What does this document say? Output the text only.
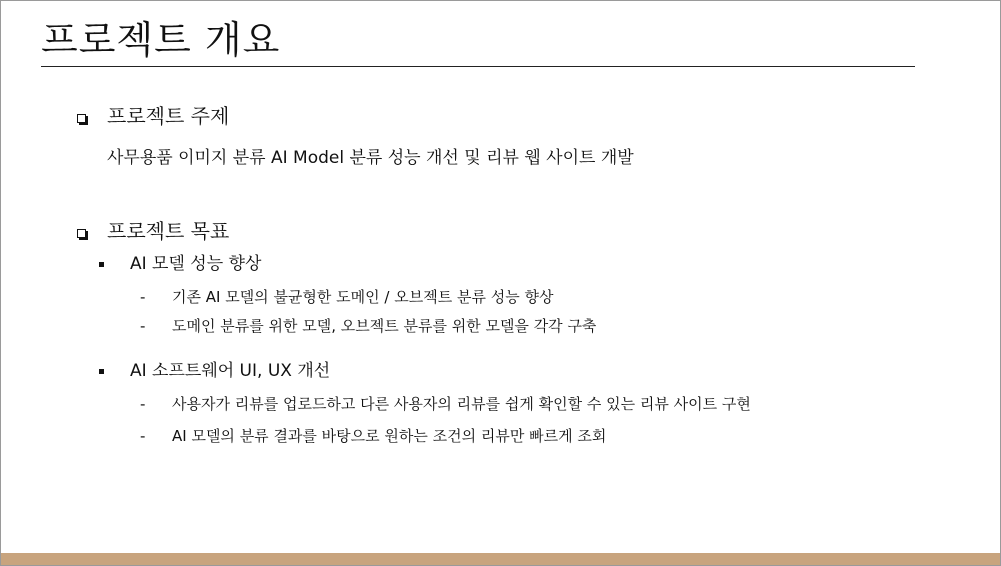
프로젝트 개요
프로젝트 주제
사무용품 이미지 분류 AI Model 분류 성능 개선 및 리뷰 웹 사이트 개발
프로젝트 목표
AI 모델 성능 향상
- 기존 AI 모델의 불균형한 도메인 / 오브젝트 분류 성능 향상
- 도메인 분류를 위한 모델, 오브젝트 분류를 위한 모델을 각각 구축
AI 소프트웨어 UI, UX 개선
- 사용자가 리뷰를 업로드하고 다른 사용자의 리뷰를 쉽게 확인할 수 있는 리뷰 사이트 구현
- AI 모델의 분류 결과를 바탕으로 원하는 조건의 리뷰만 빠르게 조회
